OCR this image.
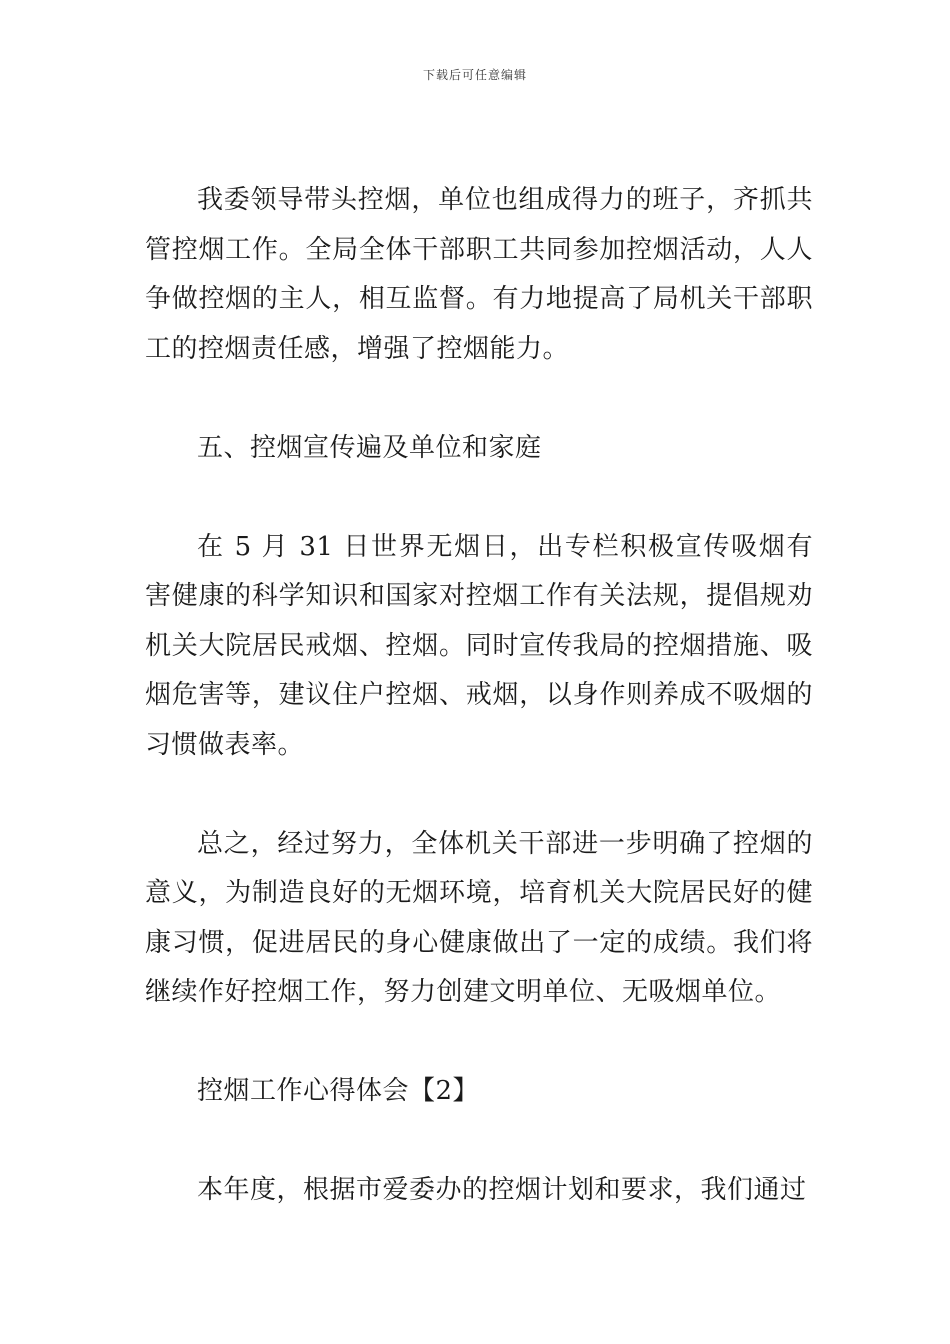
下载后可任意编辑

我委领导带头控烟，单位也组成得力的班子，齐抓共管控烟工作。全局全体干部职工共同参加控烟活动，人人争做控烟的主人，相互监督。有力地提高了局机关干部职工的控烟责任感，增强了控烟能力。

五、控烟宣传遍及单位和家庭

在 5 月 31 日世界无烟日，出专栏积极宣传吸烟有害健康的科学知识和国家对控烟工作有关法规，提倡规劝机关大院居民戒烟、控烟。同时宣传我局的控烟措施、吸烟危害等，建议住户控烟、戒烟，以身作则养成不吸烟的习惯做表率。

总之，经过努力，全体机关干部进一步明确了控烟的意义，为制造良好的无烟环境，培育机关大院居民好的健康习惯，促进居民的身心健康做出了一定的成绩。我们将继续作好控烟工作，努力创建文明单位、无吸烟单位。

控烟工作心得体会【2】

本年度，根据市爱委办的控烟计划和要求，我们通过
